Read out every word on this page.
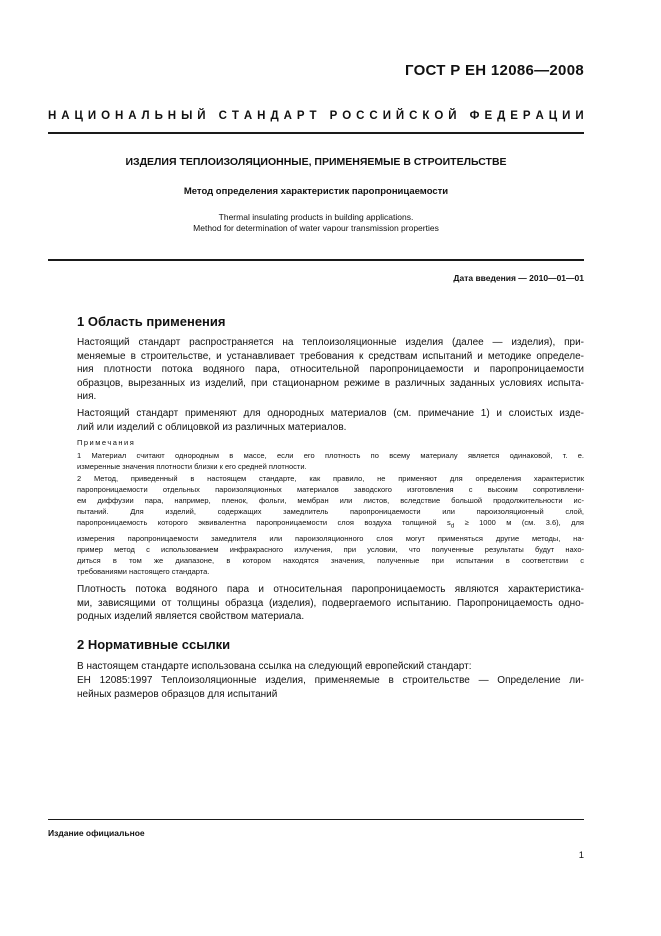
ГОСТ Р ЕН 12086—2008
Н А Ц И О Н А Л Ь Н Ы Й
С Т А Н Д А Р Т
Р О С С И Й С К О Й
Ф Е Д Е Р А Ц И И
ИЗДЕЛИЯ ТЕПЛОИЗОЛЯЦИОННЫЕ, ПРИМЕНЯЕМЫЕ В СТРОИТЕЛЬСТВЕ
Метод определения характеристик паропроницаемости
Thermal insulating products in building applications.
Method for determination of water vapour transmission properties
Дата введения — 2010—01—01
1 Область применения
Настоящий стандарт распространяется на теплоизоляционные изделия (далее — изделия), при-
меняемые в строительстве, и устанавливает требования к средствам испытаний и методике определе-
ния плотности потока водяного пара, относительной паропроницаемости и паропроницаемости
образцов, вырезанных из изделий, при стационарном режиме в различных заданных условиях испыта-
ния.
Настоящий стандарт применяют для однородных материалов (см. примечание 1) и слоистых изде-
лий или изделий с облицовкой из различных материалов.
Примечания
1 Материал считают однородным в массе, если его плотность по всему материалу является одинаковой, т. е.
измеренные значения плотности близки к его средней плотности.
2 Метод, приведенный в настоящем стандарте, как правило, не применяют для определения характеристик
паропроницаемости отдельных пароизоляционных материалов заводского изготовления с высоким сопротивлени-
ем диффузии пара, например, пленок, фольги, мембран или листов, вследствие большой продолжительности ис-
пытаний. Для изделий, содержащих замедлитель паропроницаемости или пароизоляционный слой,
паропроницаемость которого эквивалентна паропроницаемости слоя воздуха толщиной $s_d \ge 1000$ м (см. 3.6), для
измерения паропроницаемости замедлителя или пароизоляционного слоя могут применяться другие методы, на-
пример метод с использованием инфракрасного излучения, при условии, что полученные результаты будут нахо-
диться в том же диапазоне, в котором находятся значения, полученные при испытании в соответствии с
требованиями настоящего стандарта.
Плотность потока водяного пара и относительная паропроницаемость являются характеристика-
ми, зависящими от толщины образца (изделия), подвергаемого испытанию. Паропроницаемость одно-
родных изделий является свойством материала.
2 Нормативные ссылки
В настоящем стандарте использована ссылка на следующий европейский стандарт:
ЕН 12085:1997 Теплоизоляционные изделия, применяемые в строительстве — Определение ли-
нейных размеров образцов для испытаний
Издание официальное
1
